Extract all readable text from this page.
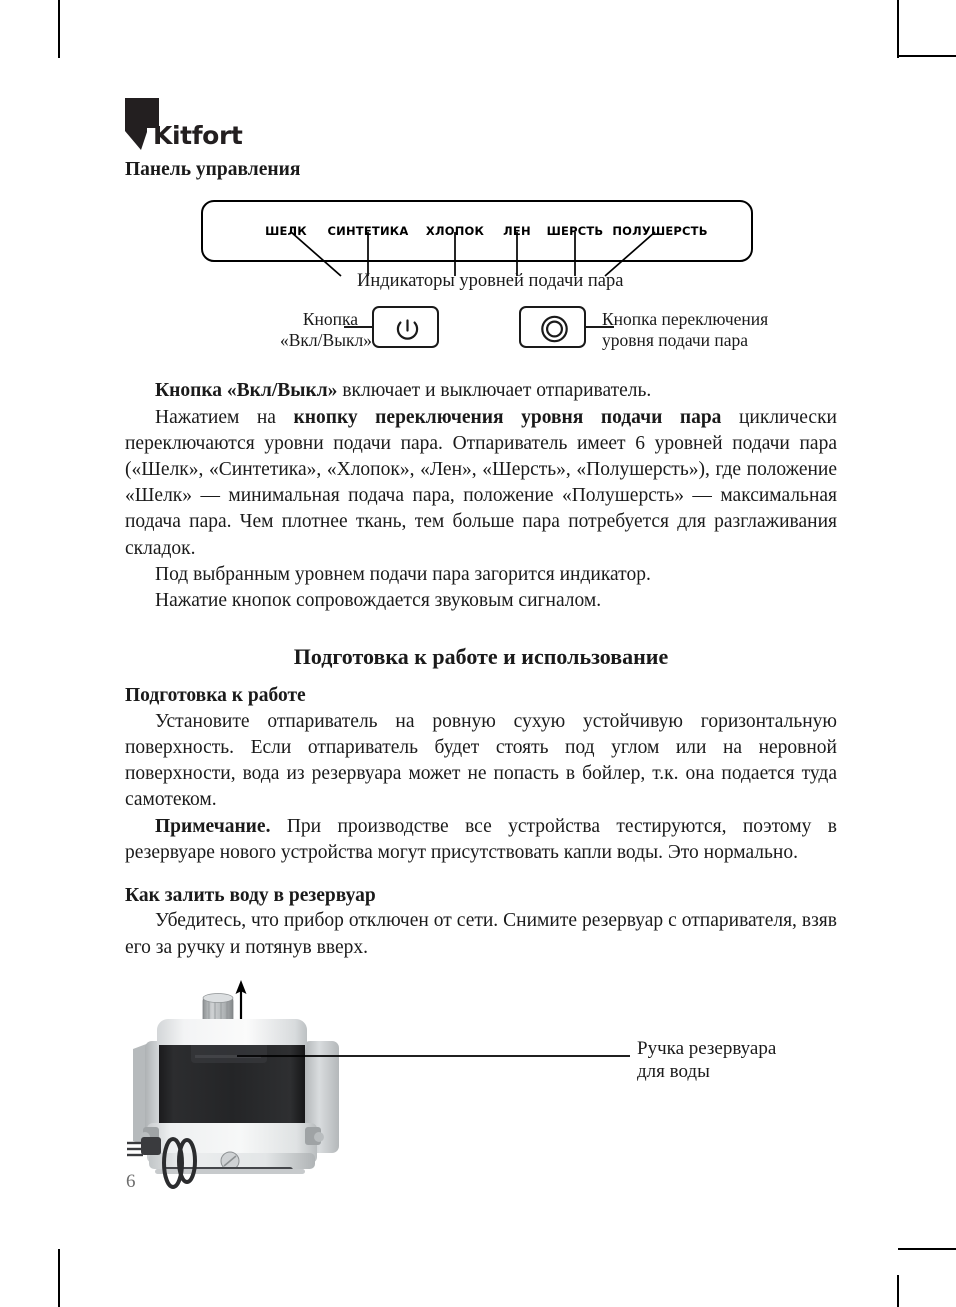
Kitfort
Панель управления
ШЕЛК СИНТЕТИКА ХЛОПОК ЛЕН ШЕРСТЬ ПОЛУШЕРСТЬ
Индикаторы уровней подачи пара
Кнопка
«Вкл/Выкл»
Кнопка переключения
уровня подачи пара

Кнопка «Вкл/Выкл» включает и выключает отпариватель.

Нажатием на кнопку переключения уровня подачи пара циклически переключаются уровни подачи пара. Отпариватель имеет 6 уровней подачи пара («Шелк», «Синтетика», «Хлопок», «Лен», «Шерсть», «Полушерсть»), где положение «Шелк» — минимальная подача пара, положение «Полушерсть» — максимальная подача пара. Чем плотнее ткань, тем больше пара потребуется для разглаживания складок.

Под выбранным уровнем подачи пара загорится индикатор.

Нажатие кнопок сопровождается звуковым сигналом.

Подготовка к работе и использование
Подготовка к работе

Установите отпариватель на ровную сухую устойчивую горизонтальную поверхность. Если отпариватель будет стоять под углом или на неровной поверхности, вода из резервуара может не попасть в бойлер, т.к. она подается туда самотеком.

Примечание. При производстве все устройства тестируются, поэтому в резервуаре нового устройства могут присутствовать капли воды. Это нормально.

Как залить воду в резервуар

Убедитесь, что прибор отключен от сети. Снимите резервуар с отпаривателя, взяв его за ручку и потянув вверх.

Ручка резервуара
для воды
6
